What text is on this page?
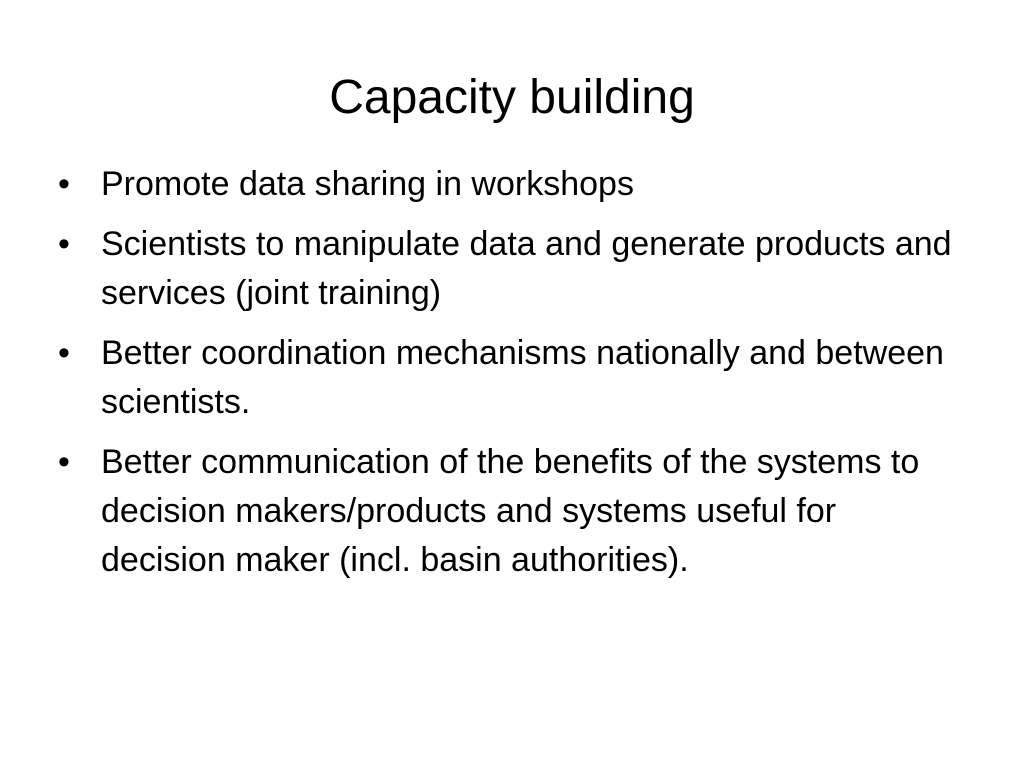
Capacity building
• Promote data sharing in workshops
• Scientists to manipulate data and generate products and services (joint training)
• Better coordination mechanisms nationally and between scientists.
• Better communication of the benefits of the systems to decision makers/products and systems useful for decision maker (incl. basin authorities).
